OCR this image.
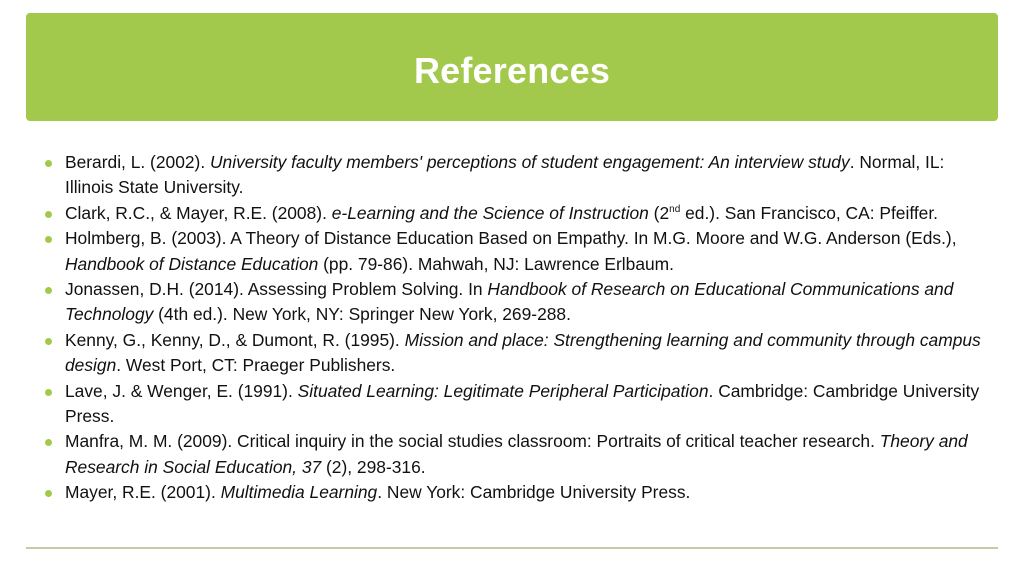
References
Berardi, L. (2002). University faculty members' perceptions of student engagement: An interview study. Normal, IL: Illinois State University.
Clark, R.C., & Mayer, R.E. (2008). e-Learning and the Science of Instruction (2nd ed.). San Francisco, CA: Pfeiffer.
Holmberg, B. (2003). A Theory of Distance Education Based on Empathy. In M.G. Moore and W.G. Anderson (Eds.), Handbook of Distance Education (pp. 79-86). Mahwah, NJ: Lawrence Erlbaum.
Jonassen, D.H. (2014). Assessing Problem Solving. In Handbook of Research on Educational Communications and Technology (4th ed.). New York, NY: Springer New York, 269-288.
Kenny, G., Kenny, D., & Dumont, R. (1995). Mission and place: Strengthening learning and community through campus design. West Port, CT: Praeger Publishers.
Lave, J. & Wenger, E. (1991). Situated Learning: Legitimate Peripheral Participation. Cambridge: Cambridge University Press.
Manfra, M. M. (2009). Critical inquiry in the social studies classroom: Portraits of critical teacher research. Theory and Research in Social Education, 37 (2), 298-316.
Mayer, R.E. (2001). Multimedia Learning. New York: Cambridge University Press.
